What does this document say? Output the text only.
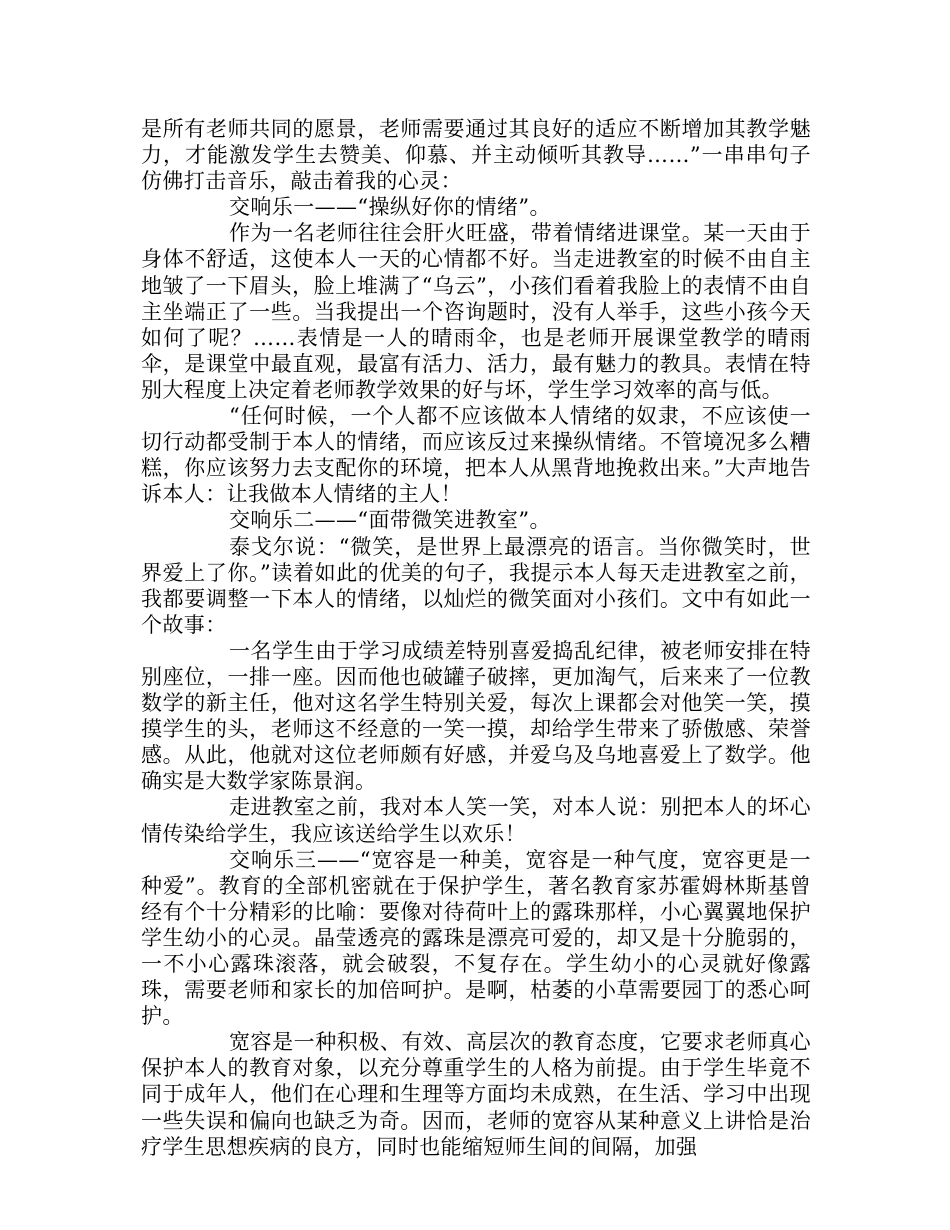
是所有老师共同的愿景，老师需要通过其良好的适应不断增加其教学魅力，才能激发学生去赞美、仰慕、并主动倾听其教导……”一串串句子仿佛打击音乐，敲击着我的心灵：

交响乐一——“操纵好你的情绪”。

作为一名老师往往会肝火旺盛，带着情绪进课堂。某一天由于身体不舒适，这使本人一天的心情都不好。当走进教室的时候不由自主地皱了一下眉头，脸上堆满了“乌云”，小孩们看着我脸上的表情不由自主坐端正了一些。当我提出一个咨询题时，没有人举手，这些小孩今天如何了呢？……表情是一人的晴雨伞，也是老师开展课堂教学的晴雨伞，是课堂中最直观，最富有活力、活力，最有魅力的教具。表情在特别大程度上决定着老师教学效果的好与坏，学生学习效率的高与低。

“任何时候，一个人都不应该做本人情绪的奴隶，不应该使一切行动都受制于本人的情绪，而应该反过来操纵情绪。不管境况多么糟糕，你应该努力去支配你的环境，把本人从黑背地挽救出来。”大声地告诉本人：让我做本人情绪的主人！

交响乐二——“面带微笑进教室”。

泰戈尔说：“微笑，是世界上最漂亮的语言。当你微笑时，世界爱上了你。”读着如此的优美的句子，我提示本人每天走进教室之前，我都要调整一下本人的情绪，以灿烂的微笑面对小孩们。文中有如此一个故事：

一名学生由于学习成绩差特别喜爱捣乱纪律，被老师安排在特别座位，一排一座。因而他也破罐子破摔，更加淘气，后来来了一位教数学的新主任，他对这名学生特别关爱，每次上课都会对他笑一笑，摸摸学生的头，老师这不经意的一笑一摸，却给学生带来了骄傲感、荣誉感。从此，他就对这位老师颇有好感，并爱乌及乌地喜爱上了数学。他确实是大数学家陈景润。

走进教室之前，我对本人笑一笑，对本人说：别把本人的坏心情传染给学生，我应该送给学生以欢乐！

交响乐三——“宽容是一种美，宽容是一种气度，宽容更是一种爱”。教育的全部机密就在于保护学生，著名教育家苏霍姆林斯基曾经有个十分精彩的比喻：要像对待荷叶上的露珠那样，小心翼翼地保护学生幼小的心灵。晶莹透亮的露珠是漂亮可爱的，却又是十分脆弱的，一不小心露珠滚落，就会破裂，不复存在。学生幼小的心灵就好像露珠，需要老师和家长的加倍呵护。是啊，枯萎的小草需要园丁的悉心呵护。

宽容是一种积极、有效、高层次的教育态度，它要求老师真心保护本人的教育对象，以充分尊重学生的人格为前提。由于学生毕竟不同于成年人，他们在心理和生理等方面均未成熟，在生活、学习中出现一些失误和偏向也缺乏为奇。因而，老师的宽容从某种意义上讲恰是治疗学生思想疾病的良方，同时也能缩短师生间的间隔，加强
